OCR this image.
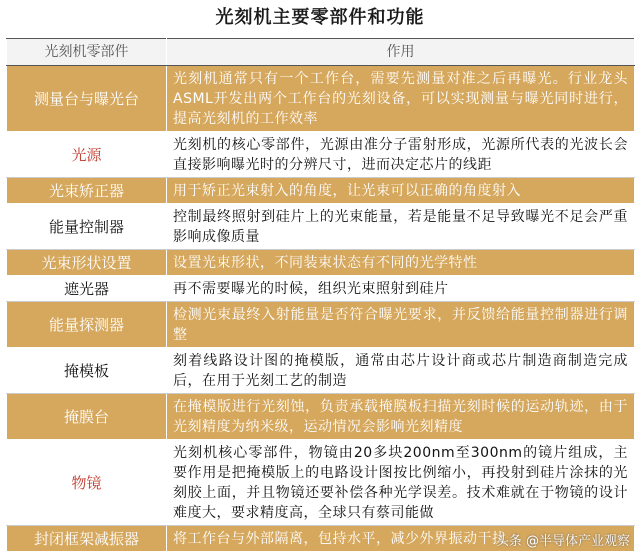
光刻机主要零部件和功能
光刻机零部件	作用
测量台与曝光台	光刻机通常只有一个工作台，需要先测量对准之后再曝光。行业龙头ASML开发出两个工作台的光刻设备，可以实现测量与曝光同时进行，提高光刻机的工作效率
光源	光刻机的核心零部件，光源由准分子雷射形成，光源所代表的光波长会直接影响曝光时的分辨尺寸，进而决定芯片的线距
光束矫正器	用于矫正光束射入的角度，让光束可以正确的角度射入
能量控制器	控制最终照射到硅片上的光束能量，若是能量不足导致曝光不足会严重影响成像质量
光束形状设置	设置光束形状，不同装束状态有不同的光学特性
遮光器	再不需要曝光的时候，组织光束照射到硅片
能量探测器	检测光束最终入射能量是否符合曝光要求，并反馈给能量控制器进行调整
掩模板	刻着线路设计图的掩模版，通常由芯片设计商或芯片制造商制造完成后，在用于光刻工艺的制造
掩膜台	在掩模版进行光刻蚀，负责承载掩膜板扫描光刻时候的运动轨迹，由于光刻精度为纳米级，运动情况会影响光刻精度
物镜	光刻机核心零部件，物镜由20多块200nm至300nm的镜片组成，主要作用是把掩模版上的电路设计图按比例缩小，再投射到硅片涂抹的光刻胶上面，并且物镜还要补偿各种光学误差。技术难就在于物镜的设计难度大，要求精度高，全球只有蔡司能做
封闭框架减振器	将工作台与外部隔离，包持水平，减少外界振动干扰
头条 @半导体产业观察
